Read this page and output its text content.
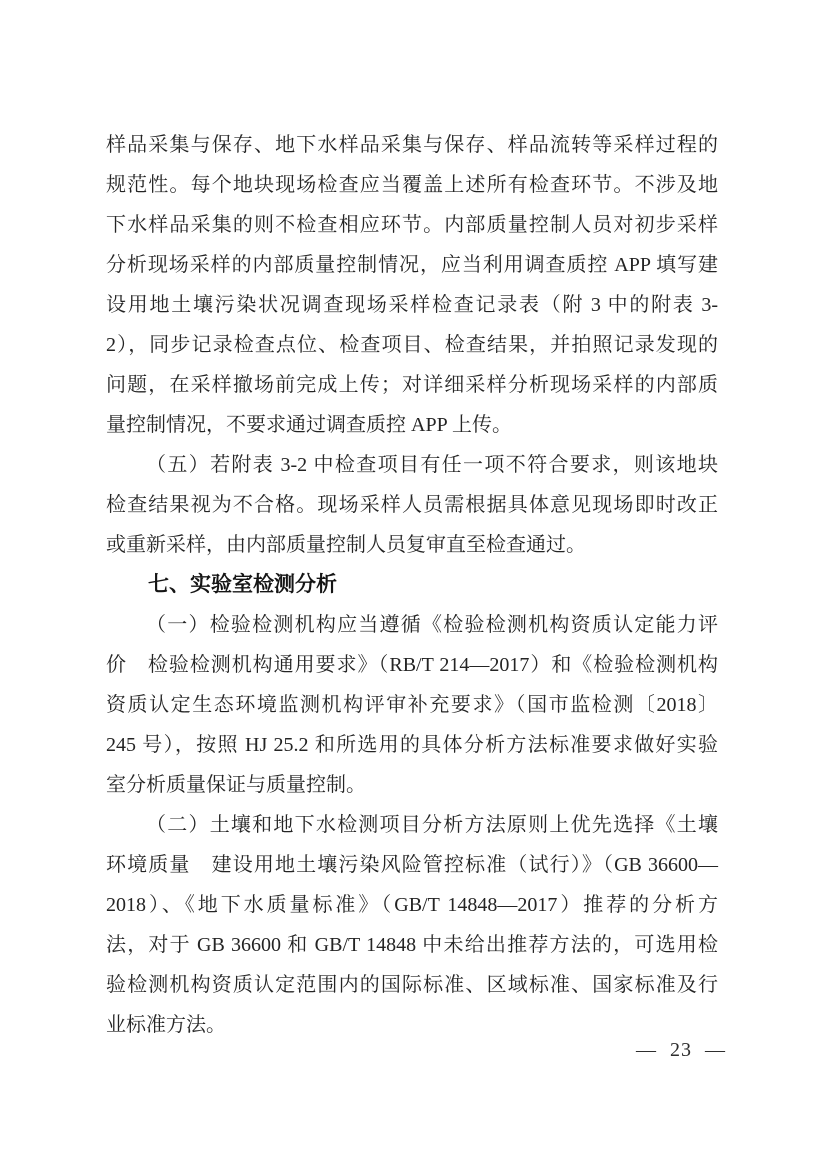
样品采集与保存、地下水样品采集与保存、样品流转等采样过程的
规范性。每个地块现场检查应当覆盖上述所有检查环节。不涉及地
下水样品采集的则不检查相应环节。内部质量控制人员对初步采样
分析现场采样的内部质量控制情况，应当利用调查质控 APP 填写建
设用地土壤污染状况调查现场采样检查记录表（附 3 中的附表 3-
2），同步记录检查点位、检查项目、检查结果，并拍照记录发现的
问题，在采样撤场前完成上传；对详细采样分析现场采样的内部质
量控制情况，不要求通过调查质控 APP 上传。
（五）若附表 3-2 中检查项目有任一项不符合要求，则该地块
检查结果视为不合格。现场采样人员需根据具体意见现场即时改正
或重新采样，由内部质量控制人员复审直至检查通过。
七、实验室检测分析
（一）检验检测机构应当遵循《检验检测机构资质认定能力评
价　检验检测机构通用要求》（RB/T 214—2017）和《检验检测机构
资质认定生态环境监测机构评审补充要求》（国市监检测〔2018〕
245 号），按照 HJ 25.2 和所选用的具体分析方法标准要求做好实验
室分析质量保证与质量控制。
（二）土壤和地下水检测项目分析方法原则上优先选择《土壤
环境质量　建设用地土壤污染风险管控标准（试行）》（GB 36600—
2018）、《地下水质量标准》（GB/T 14848—2017）推荐的分析方
法，对于 GB 36600 和 GB/T 14848 中未给出推荐方法的，可选用检
验检测机构资质认定范围内的国际标准、区域标准、国家标准及行
业标准方法。
— 23 —
